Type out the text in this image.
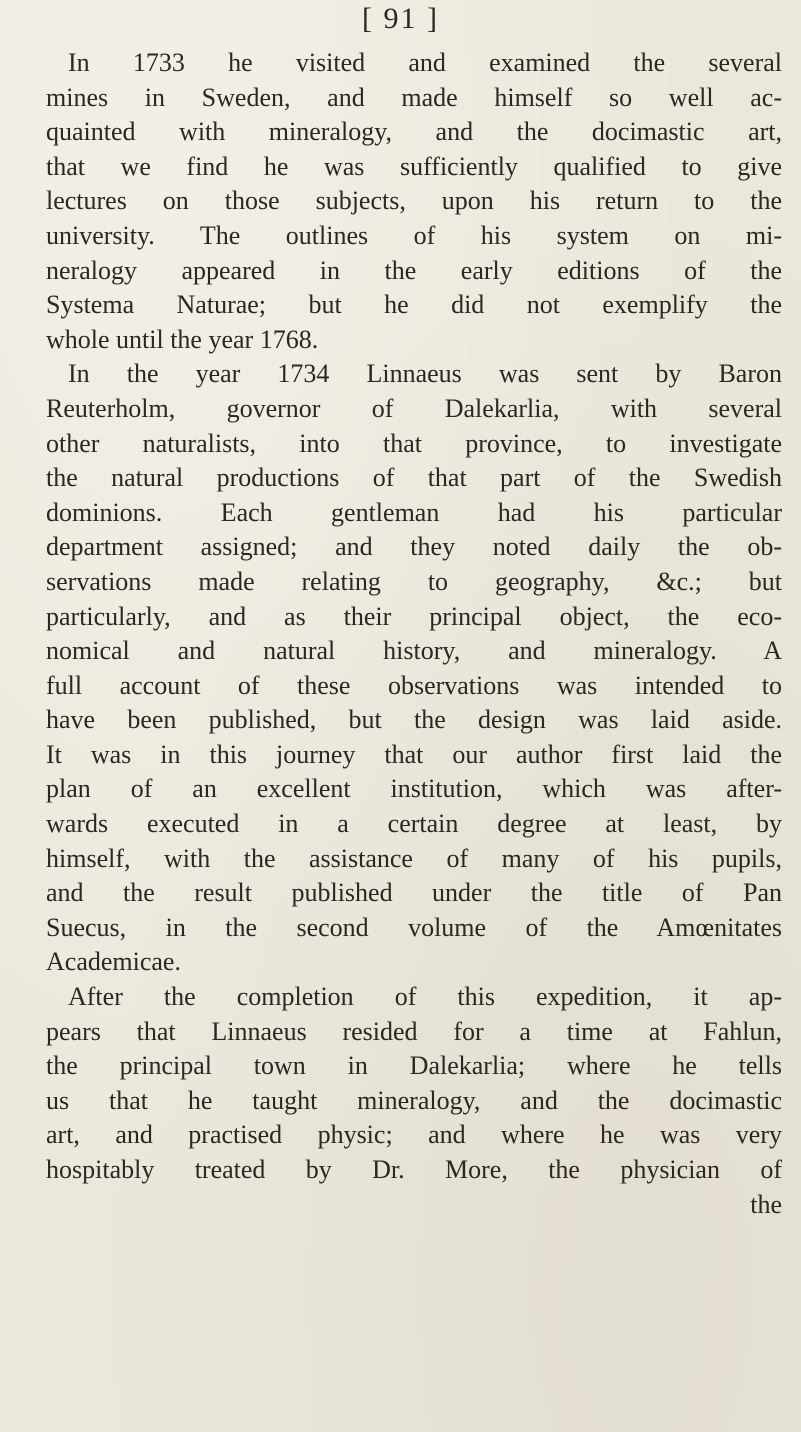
[ 91 ]
In 1733 he visited and examined the several
mines in Sweden, and made himself so well ac-
quainted with mineralogy, and the docimastic art,
that we find he was sufficiently qualified to give
lectures on those subjects, upon his return to the
university. The outlines of his system on mi-
neralogy appeared in the early editions of the
Systema Naturae; but he did not exemplify the
whole until the year 1768.
In the year 1734 Linnaeus was sent by Baron
Reuterholm, governor of Dalekarlia, with several
other naturalists, into that province, to investigate
the natural productions of that part of the Swedish
dominions. Each gentleman had his particular
department assigned; and they noted daily the ob-
servations made relating to geography, &c.; but
particularly, and as their principal object, the eco-
nomical and natural history, and mineralogy. A
full account of these observations was intended to
have been published, but the design was laid aside.
It was in this journey that our author first laid the
plan of an excellent institution, which was after-
wards executed in a certain degree at least, by
himself, with the assistance of many of his pupils,
and the result published under the title of Pan
Suecus, in the second volume of the Amœnitates
Academicae.
After the completion of this expedition, it ap-
pears that Linnaeus resided for a time at Fahlun,
the principal town in Dalekarlia; where he tells
us that he taught mineralogy, and the docimastic
art, and practised physic; and where he was very
hospitably treated by Dr. More, the physician of
the
